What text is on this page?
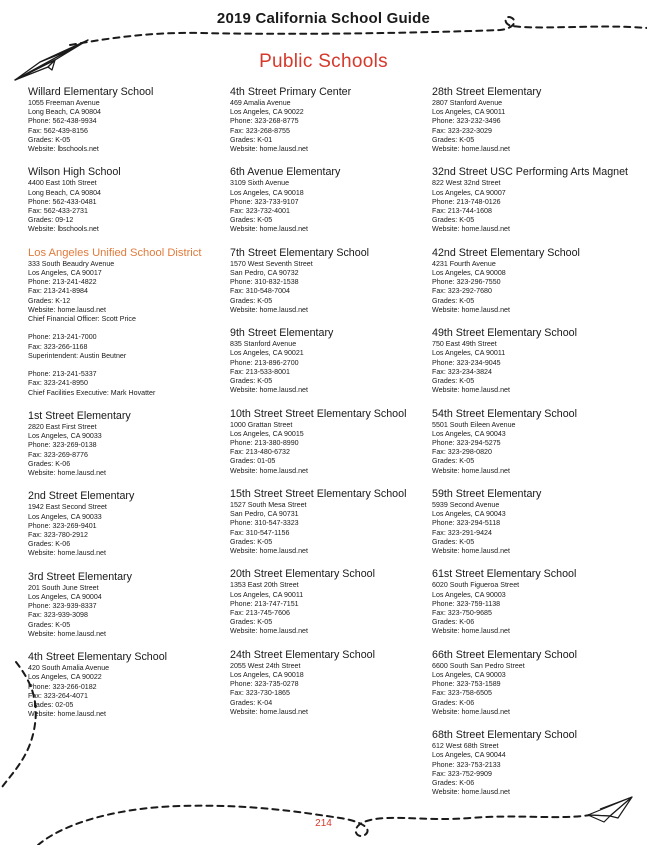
2019 California School Guide
Public Schools
Willard Elementary School
1055 Freeman Avenue
Long Beach, CA 90804
Phone: 562-438-9934
Fax: 562-439-8156
Grades: K-05
Website: lbschools.net
Wilson High School
4400 East 10th Street
Long Beach, CA 90804
Phone: 562-433-0481
Fax: 562-433-2731
Grades: 09-12
Website: lbschools.net
Los Angeles Unified School District
333 South Beaudry Avenue
Los Angeles, CA 90017
Phone: 213-241-4822
Fax: 213-241-8984
Grades: K-12
Website: home.lausd.net
Chief Financial Officer: Scott Price
Phone: 213-241-7000
Fax: 323-266-1168
Superintendent: Austin Beutner
Phone: 213-241-5337
Fax: 323-241-8950
Chief Facilities Executive: Mark Hovatter
1st Street Elementary
2820 East First Street
Los Angeles, CA 90033
Phone: 323-269-0138
Fax: 323-269-8776
Grades: K-06
Website: home.lausd.net
2nd Street Elementary
1942 East Second Street
Los Angeles, CA 90033
Phone: 323-269-9401
Fax: 323-780-2912
Grades: K-06
Website: home.lausd.net
3rd Street Elementary
201 South June Street
Los Angeles, CA 90004
Phone: 323-939-8337
Fax: 323-939-3098
Grades: K-05
Website: home.lausd.net
4th Street Elementary School
420 South Amalia Avenue
Los Angeles, CA 90022
Phone: 323-266-0182
Fax: 323-264-4071
Grades: 02-05
Website: home.lausd.net
4th Street Primary Center
469 Amalia Avenue
Los Angeles, CA 90022
Phone: 323-268-8775
Fax: 323-268-8755
Grades: K-01
Website: home.lausd.net
6th Avenue Elementary
3109 Sixth Avenue
Los Angeles, CA 90018
Phone: 323-733-9107
Fax: 323-732-4001
Grades: K-05
Website: home.lausd.net
7th Street Elementary School
1570 West Seventh Street
San Pedro, CA 90732
Phone: 310-832-1538
Fax: 310-548-7004
Grades: K-05
Website: home.lausd.net
9th Street Elementary
835 Stanford Avenue
Los Angeles, CA 90021
Phone: 213-896-2700
Fax: 213-533-8001
Grades: K-05
Website: home.lausd.net
10th Street Street Elementary School
1000 Grattan Street
Los Angeles, CA 90015
Phone: 213-380-8990
Fax: 213-480-6732
Grades: 01-05
Website: home.lausd.net
15th Street Street Elementary School
1527 South Mesa Street
San Pedro, CA 90731
Phone: 310-547-3323
Fax: 310-547-1156
Grades: K-05
Website: home.lausd.net
20th Street Elementary School
1353 East 20th Street
Los Angeles, CA 90011
Phone: 213-747-7151
Fax: 213-745-7606
Grades: K-05
Website: home.lausd.net
24th Street Elementary School
2055 West 24th Street
Los Angeles, CA 90018
Phone: 323-735-0278
Fax: 323-730-1865
Grades: K-04
Website: home.lausd.net
28th Street Elementary
2807 Stanford Avenue
Los Angeles, CA 90011
Phone: 323-232-3496
Fax: 323-232-3029
Grades: K-05
Website: home.lausd.net
32nd Street USC Performing Arts Magnet
822 West 32nd Street
Los Angeles, CA 90007
Phone: 213-748-0126
Fax: 213-744-1608
Grades: K-05
Website: home.lausd.net
42nd Street Elementary School
4231 Fourth Avenue
Los Angeles, CA 90008
Phone: 323-296-7550
Fax: 323-292-7680
Grades: K-05
Website: home.lausd.net
49th Street Elementary School
750 East 49th Street
Los Angeles, CA 90011
Phone: 323-234-9045
Fax: 323-234-3824
Grades: K-05
Website: home.lausd.net
54th Street Elementary School
5501 South Eileen Avenue
Los Angeles, CA 90043
Phone: 323-294-5275
Fax: 323-298-0820
Grades: K-05
Website: home.lausd.net
59th Street Elementary
5939 Second Avenue
Los Angeles, CA 90043
Phone: 323-294-5118
Fax: 323-291-9424
Grades: K-05
Website: home.lausd.net
61st Street Elementary School
6020 South Figueroa Street
Los Angeles, CA 90003
Phone: 323-759-1138
Fax: 323-750-9685
Grades: K-06
Website: home.lausd.net
66th Street Elementary School
6600 South San Pedro Street
Los Angeles, CA 90003
Phone: 323-753-1589
Fax: 323-758-6505
Grades: K-06
Website: home.lausd.net
68th Street Elementary School
612 West 68th Street
Los Angeles, CA 90044
Phone: 323-753-2133
Fax: 323-752-9909
Grades: K-06
Website: home.lausd.net
214
